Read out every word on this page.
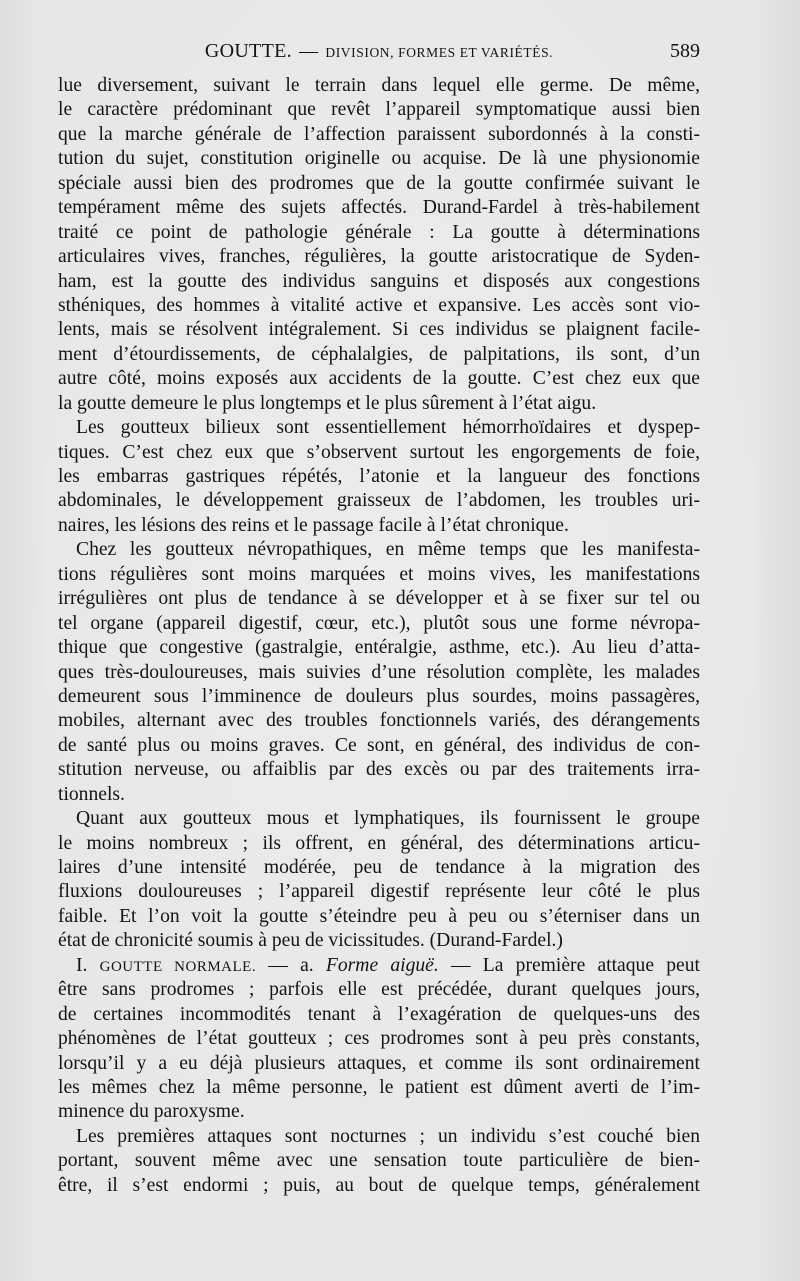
GOUTTE. — DIVISION, FORMES ET VARIÉTÉS.	589
lue diversement, suivant le terrain dans lequel elle germe. De même,
le caractère prédominant que revêt l’appareil symptomatique aussi bien
que la marche générale de l’affection paraissent subordonnés à la consti-
tution du sujet, constitution originelle ou acquise. De là une physionomie
spéciale aussi bien des prodromes que de la goutte confirmée suivant le
tempérament même des sujets affectés. Durand-Fardel à très-habilement
traité ce point de pathologie générale : La goutte à déterminations
articulaires vives, franches, régulières, la goutte aristocratique de Syden-
ham, est la goutte des individus sanguins et disposés aux congestions
sthéniques, des hommes à vitalité active et expansive. Les accès sont vio-
lents, mais se résolvent intégralement. Si ces individus se plaignent facile-
ment d’étourdissements, de céphalalgies, de palpitations, ils sont, d’un
autre côté, moins exposés aux accidents de la goutte. C’est chez eux que
la goutte demeure le plus longtemps et le plus sûrement à l’état aigu.
Les goutteux bilieux sont essentiellement hémorrhoïdaires et dyspep-
tiques. C’est chez eux que s’observent surtout les engorgements de foie,
les embarras gastriques répétés, l’atonie et la langueur des fonctions
abdominales, le développement graisseux de l’abdomen, les troubles uri-
naires, les lésions des reins et le passage facile à l’état chronique.
Chez les goutteux névropathiques, en même temps que les manifesta-
tions régulières sont moins marquées et moins vives, les manifestations
irrégulières ont plus de tendance à se développer et à se fixer sur tel ou
tel organe (appareil digestif, cœur, etc.), plutôt sous une forme névropa-
thique que congestive (gastralgie, entéralgie, asthme, etc.). Au lieu d’atta-
ques très-douloureuses, mais suivies d’une résolution complète, les malades
demeurent sous l’imminence de douleurs plus sourdes, moins passagères,
mobiles, alternant avec des troubles fonctionnels variés, des dérangements
de santé plus ou moins graves. Ce sont, en général, des individus de con-
stitution nerveuse, ou affaiblis par des excès ou par des traitements irra-
tionnels.
Quant aux goutteux mous et lymphatiques, ils fournissent le groupe
le moins nombreux ; ils offrent, en général, des déterminations articu-
laires d’une intensité modérée, peu de tendance à la migration des
fluxions douloureuses ; l’appareil digestif représente leur côté le plus
faible. Et l’on voit la goutte s’éteindre peu à peu ou s’éterniser dans un
état de chronicité soumis à peu de vicissitudes. (Durand-Fardel.)
I. GOUTTE NORMALE. — a. Forme aiguë. — La première attaque peut
être sans prodromes ; parfois elle est précédée, durant quelques jours,
de certaines incommodités tenant à l’exagération de quelques-uns des
phénomènes de l’état goutteux ; ces prodromes sont à peu près constants,
lorsqu’il y a eu déjà plusieurs attaques, et comme ils sont ordinairement
les mêmes chez la même personne, le patient est dûment averti de l’im-
minence du paroxysme.
Les premières attaques sont nocturnes ; un individu s’est couché bien
portant, souvent même avec une sensation toute particulière de bien-
être, il s’est endormi ; puis, au bout de quelque temps, généralement
